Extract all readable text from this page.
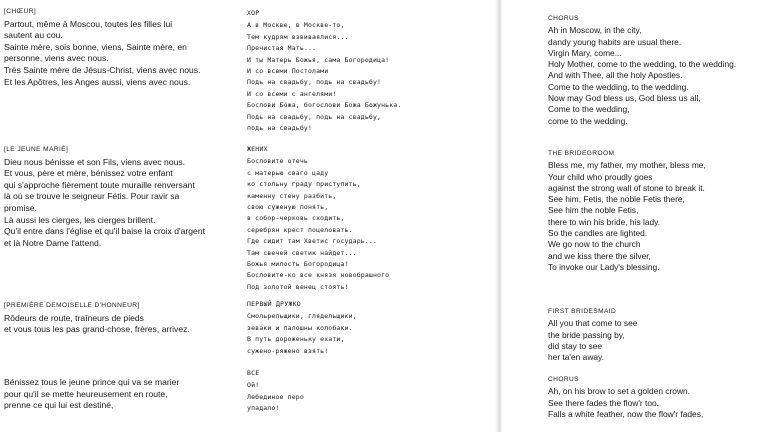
[CHŒUR]
Partout, même à Moscou, toutes les filles lui
sautent au cou.
Sainte mère, sois bonne, viens, Sainte mère, en
personne, viens avec nous.
Très Sainte mère de Jésus-Christ, viens avec nous.
Et les Apôtres, les Anges aussi, viens avec nous.
[LE JEUNE MARIÉ]
Dieu nous bénisse et son Fils, viens avec nous.
Et vous, père et mère, bénissez votre enfant
qui s'approche fièrement toute muraille renversant
là où se trouve le seigneur Fétis. Pour ravir sa
promise.
Là aussi les cierges, les cierges brillent.
Qu'il entre dans l'église et qu'il baise la croix d'argent
et là Notre Dame l'attend.
[PREMIÈRE DEMOISELLE D'HONNEUR]
Rôdeurs de route, traîneurs de pieds
et vous tous les pas grand-chose, frères, arrivez.
Bénissez tous le jeune prince qui va se marier
pour qu'il se mette heureusement en route,
prenne ce qui lui est destiné,
ХОР
А в Москве, в Москве-то,
Тем кудрям взвиваялися...
Пречистая Мать...
И ты Матерь Божья, сама Богородица!
И со всеми Постолами
Подь на свадьбу, подь на свадьбу!
И со всеми с ангелями!
Бослови Божа, богослови Божа Божунька.
Подь на свадьбу, подь на свадьбу,
подь на свадьбу!
ЖЕНИХ
Бословите отечь
с матерью сваго цаду
ко стольну граду приступить,
каменну стену разбить,
свою суженую понять,
в собор-черковь сходить,
серебрян крест поцеловать.
Где сидит там Хветис государь...
Там свечей светик найдет...
Божья милость Богородица!
Бословите-ко все князя новобрашного
Под золотой венец стоять!
ПЕРВЫЙ ДРУЖКО
Смольрельщики, глядельщики,
зеваки и палошны колобаки.
В путь дороженьку ехати,
сужено-ряжено взять!
ВСЕ
Ой!
Лебединое перо
упадало!
CHORUS
Ah in Moscow, in the city,
dandy young habits are usual there.
Virgin Mary, come...
Holy Mother, come to the wedding, to the wedding.
And with Thee, all the holy Apostles.
Come to the wedding, to the wedding.
Now may God bless us, God bless us all,
Come to the wedding,
come to the wedding.
THE BRIDEGROOM
Bless me, my father, my mother, bless me,
Your child who proudly goes
against the strong wall of stone to break it.
See him, Fetis, the noble Fetis there,
See him the noble Fetis,
there to win his bride, his lady.
So the candles are lighted.
We go now to the church
and we kiss there the silver,
To invoke our Lady's blessing.
FIRST BRIDESMAID
All you that come to see
the bride passing by,
did stay to see
her ta'en away.
CHORUS
Ah, on his brow to set a golden crown.
See there fades the flow'r too.
Falls a white feather, now the flow'r fades,
